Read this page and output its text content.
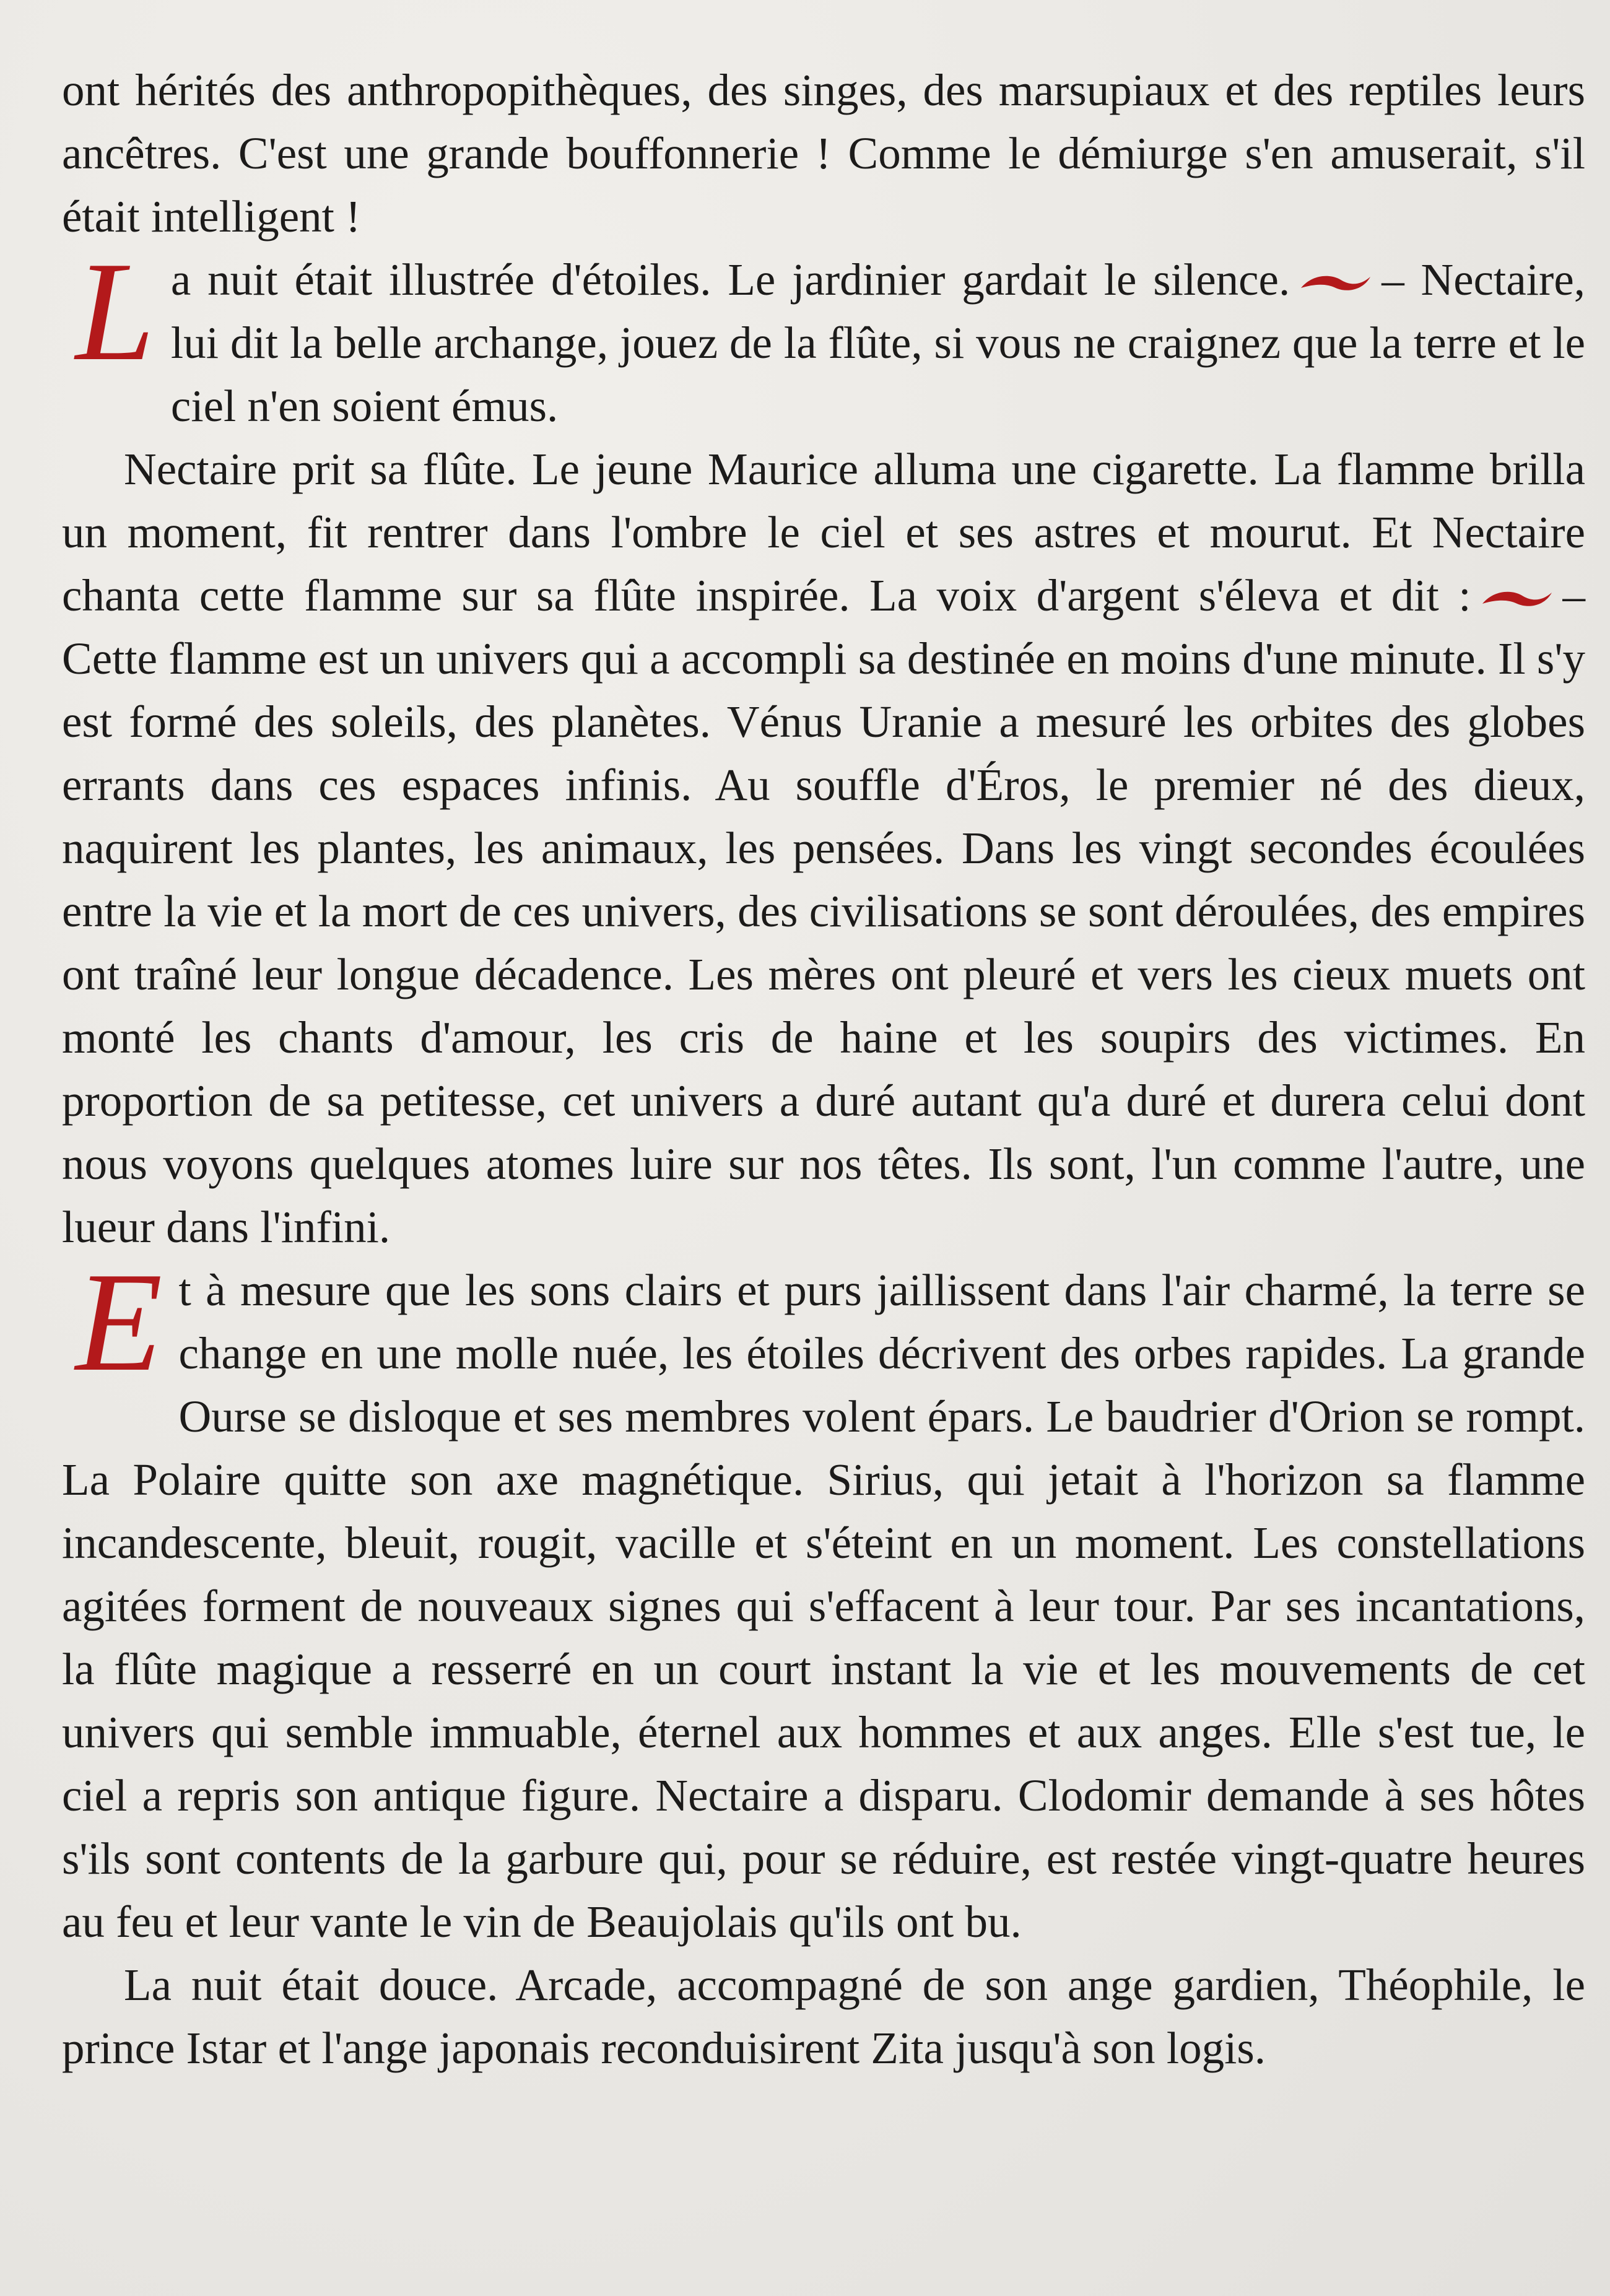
ont hérités des anthropopithèques, des singes, des marsupiaux et des reptiles leurs ancêtres. C'est une grande bouffonnerie ! Comme le démiurge s'en amuserait, s'il était intelligent !

La nuit était illustrée d'étoiles. Le jardinier gardait le silence. – Nectaire, lui dit la belle archange, jouez de la flûte, si vous ne craignez que la terre et le ciel n'en soient émus.

Nectaire prit sa flûte. Le jeune Maurice alluma une cigarette. La flamme brilla un moment, fit rentrer dans l'ombre le ciel et ses astres et mourut. Et Nectaire chanta cette flamme sur sa flûte inspirée. La voix d'argent s'éleva et dit : – Cette flamme est un univers qui a accompli sa destinée en moins d'une minute. Il s'y est formé des soleils, des planètes. Vénus Uranie a mesuré les orbites des globes errants dans ces espaces infinis. Au souffle d'Éros, le premier né des dieux, naquirent les plantes, les animaux, les pensées. Dans les vingt secondes écoulées entre la vie et la mort de ces univers, des civilisations se sont déroulées, des empires ont traîné leur longue décadence. Les mères ont pleuré et vers les cieux muets ont monté les chants d'amour, les cris de haine et les soupirs des victimes. En proportion de sa petitesse, cet univers a duré autant qu'a duré et durera celui dont nous voyons quelques atomes luire sur nos têtes. Ils sont, l'un comme l'autre, une lueur dans l'infini.

Et à mesure que les sons clairs et purs jaillissent dans l'air charmé, la terre se change en une molle nuée, les étoiles décrivent des orbes rapides. La grande Ourse se disloque et ses membres volent épars. Le baudrier d'Orion se rompt. La Polaire quitte son axe magnétique. Sirius, qui jetait à l'horizon sa flamme incandescente, bleuit, rougit, vacille et s'éteint en un moment. Les constellations agitées forment de nouveaux signes qui s'effacent à leur tour. Par ses incantations, la flûte magique a resserré en un court instant la vie et les mouvements de cet univers qui semble immuable, éternel aux hommes et aux anges. Elle s'est tue, le ciel a repris son antique figure. Nectaire a disparu. Clodomir demande à ses hôtes s'ils sont contents de la garbure qui, pour se réduire, est restée vingt-quatre heures au feu et leur vante le vin de Beaujolais qu'ils ont bu.

La nuit était douce. Arcade, accompagné de son ange gardien, Théophile, le prince Istar et l'ange japonais reconduisirent Zita jusqu'à son logis.
